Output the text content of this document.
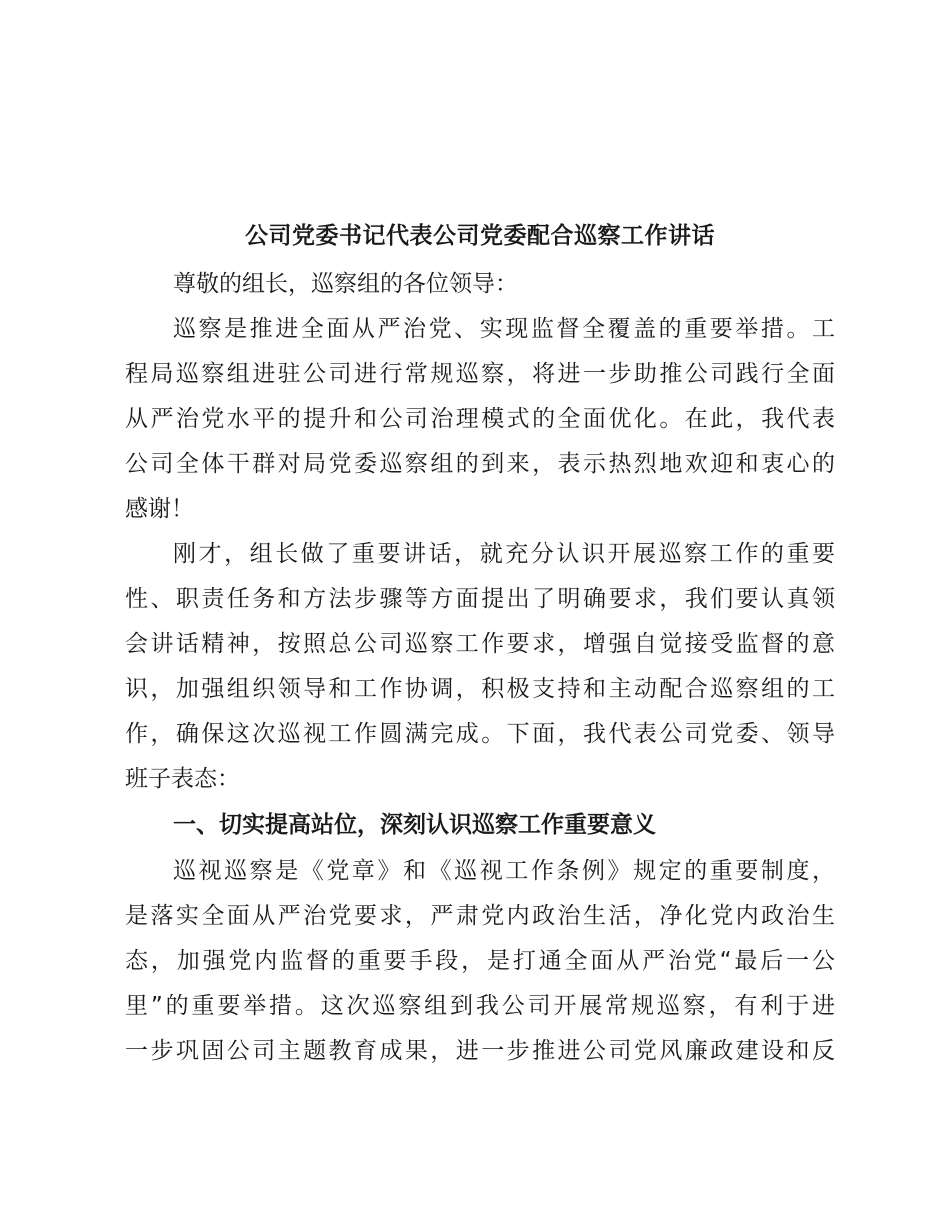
公司党委书记代表公司党委配合巡察工作讲话
尊敬的组长，巡察组的各位领导：
巡察是推进全面从严治党、实现监督全覆盖的重要举措。工
程局巡察组进驻公司进行常规巡察，将进一步助推公司践行全面
从严治党水平的提升和公司治理模式的全面优化。在此，我代表
公司全体干群对局党委巡察组的到来，表示热烈地欢迎和衷心的
感谢！
刚才，组长做了重要讲话，就充分认识开展巡察工作的重要
性、职责任务和方法步骤等方面提出了明确要求，我们要认真领
会讲话精神，按照总公司巡察工作要求，增强自觉接受监督的意
识，加强组织领导和工作协调，积极支持和主动配合巡察组的工
作，确保这次巡视工作圆满完成。下面，我代表公司党委、领导
班子表态：
一、切实提高站位，深刻认识巡察工作重要意义
巡视巡察是《党章》和《巡视工作条例》规定的重要制度，
是落实全面从严治党要求，严肃党内政治生活，净化党内政治生
态，加强党内监督的重要手段，是打通全面从严治党“最后一公
里”的重要举措。这次巡察组到我公司开展常规巡察，有利于进
一步巩固公司主题教育成果，进一步推进公司党风廉政建设和反
